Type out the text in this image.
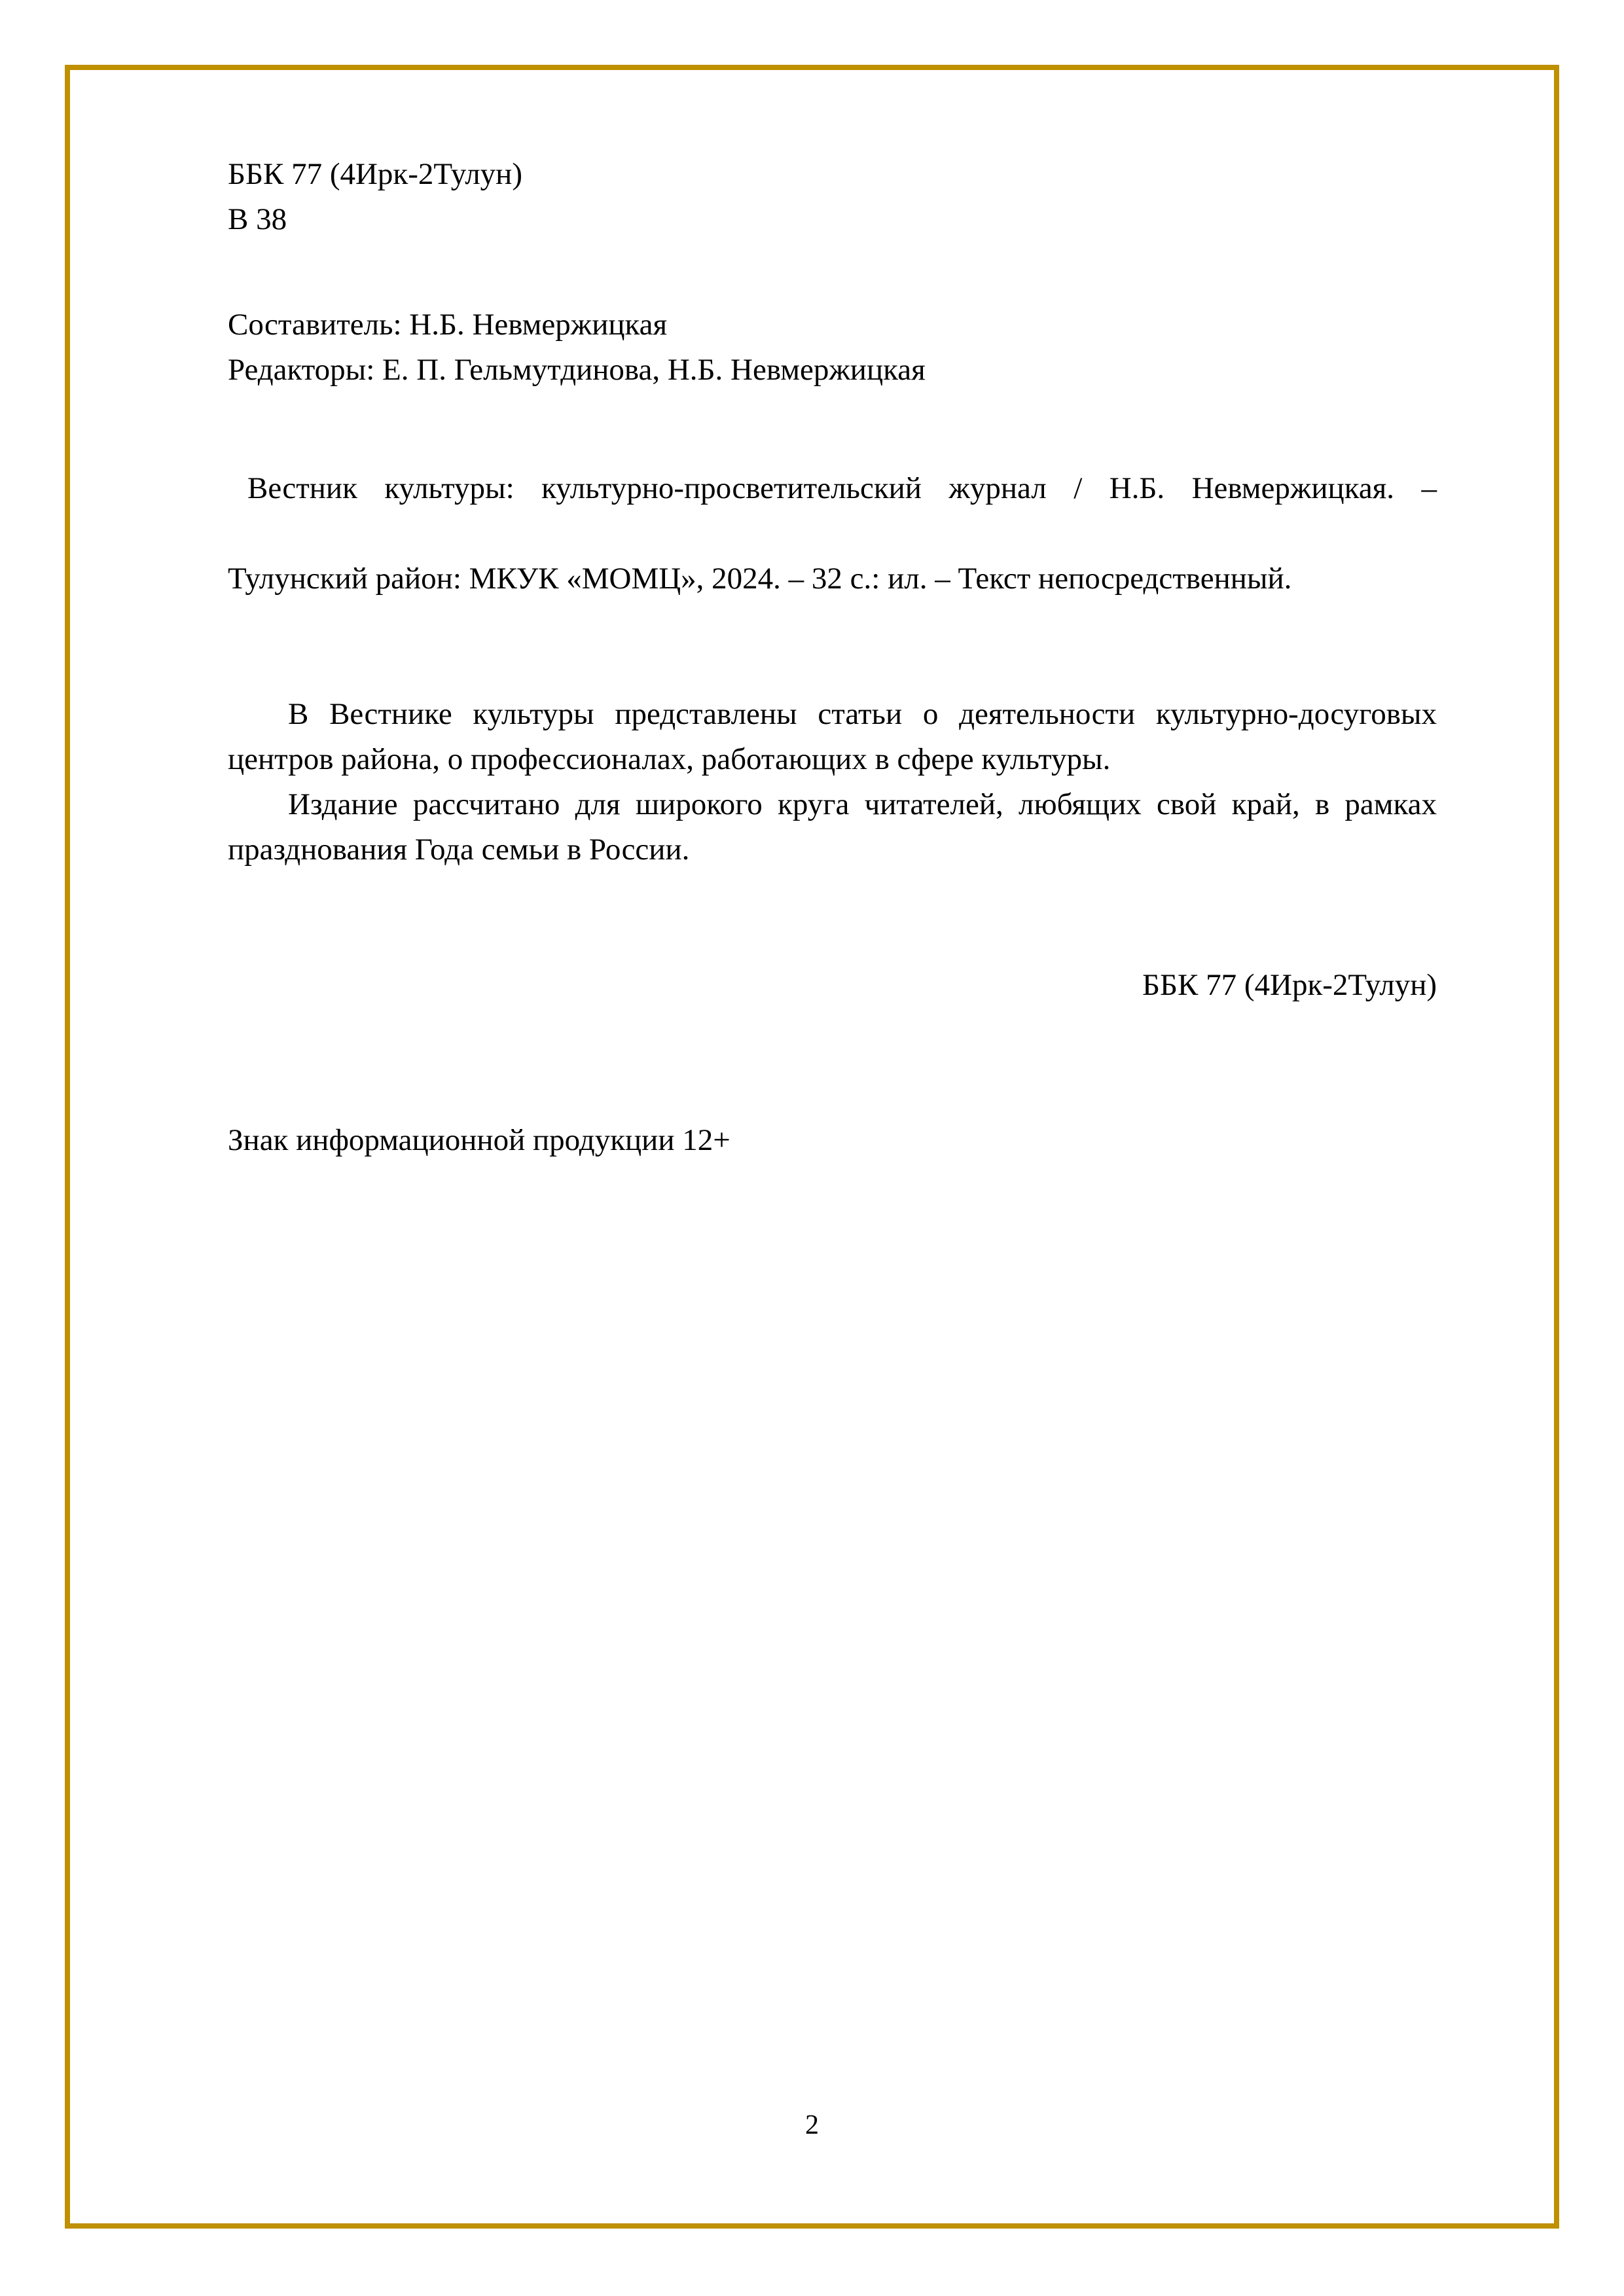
ББК 77 (4Ирк-2Тулун)
В 38
Составитель: Н.Б. Невмержицкая
Редакторы: Е. П. Гельмутдинова, Н.Б. Невмержицкая
Вестник культуры: культурно-просветительский журнал / Н.Б. Невмержицкая. –
Тулунский район: МКУК «МОМЦ», 2024. – 32 с.: ил. – Текст непосредственный.

В Вестнике культуры представлены статьи о деятельности культурно-досуговых центров района, о профессионалах, работающих в сфере культуры.

Издание рассчитано для широкого круга читателей, любящих свой край, в рамках празднования Года семьи в России.

ББК 77 (4Ирк-2Тулун)
Знак информационной продукции 12+
2
